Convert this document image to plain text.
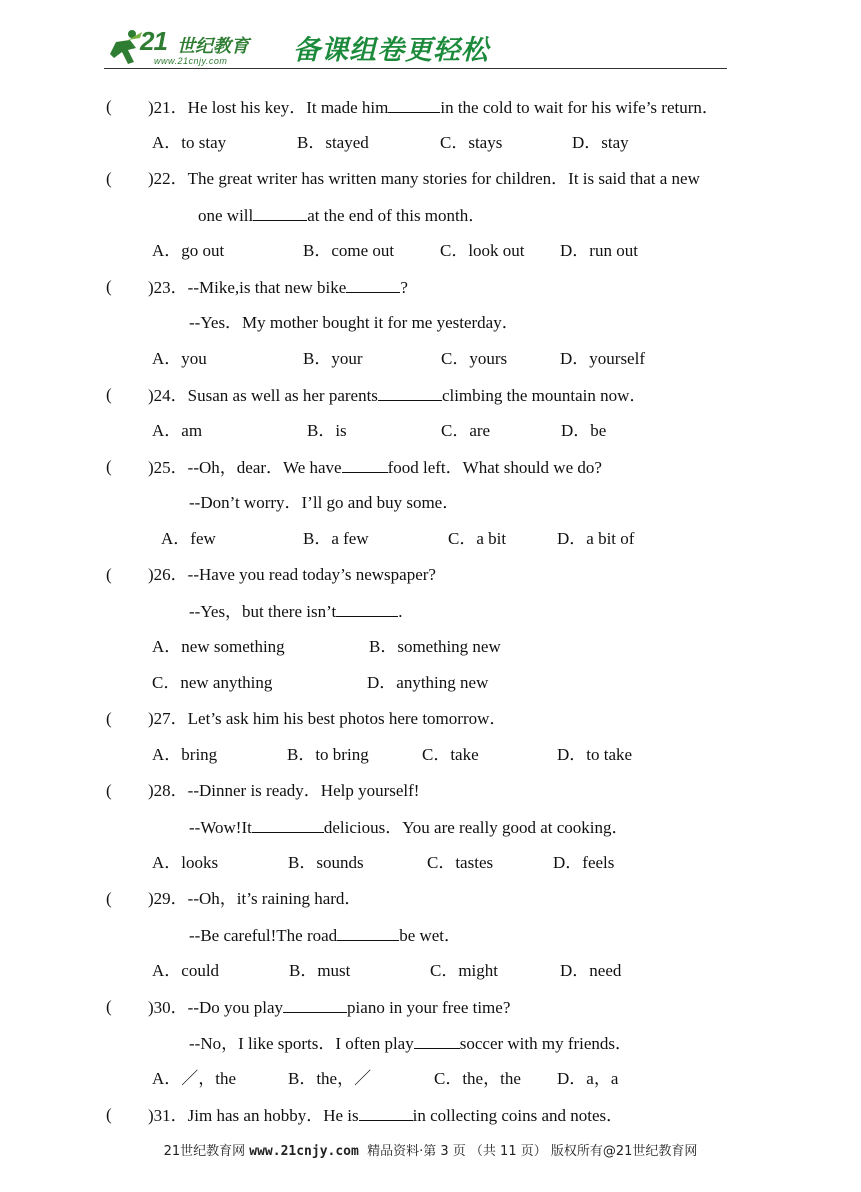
21 世纪教育
www.21cnjy.com 备课组卷更轻松
( )21．He lost his key．It made him	in the cold to wait for his wife’s return．
A．to stay	B．stayed	C．stays	D．stay
( )22．The great writer has written many stories for children．It is said that a new
one will	at the end of this month．
A．go out	B．come out	C．look out D．run out
( )23．--Mike,is that new bike	?
--Yes．My mother bought it for me yesterday．
A．you	B．your	C．yours	D．yourself
( )24．Susan as well as her parents	climbing the mountain now．
A．am	B．is	C．are	D．be
( )25．--Oh，dear．We have	food left．What should we do?
--Don’t worry．I’ll go and buy some．
A．few	B．a few	C．a bit	D．a bit of
( )26．--Have you read today’s newspaper?
--Yes，but there isn’t	.
A．new something	B．something new
C．new anything	D．anything new
( )27．Let’s ask him his best photos here tomorrow．
A．bring	B．to bring	C．take	D．to take
( )28．--Dinner is ready．Help yourself!
--Wow!It	delicious．You are really good at cooking．
A．looks	B．sounds	C．tastes	D．feels
( )29．--Oh，it’s raining hard．
--Be careful!The road	be wet．
A．could	B．must	C．might	D．need
( )30．--Do you play	piano in your free time?
--No，I like sports．I often play	soccer with my friends．
A．／，the	B．the，／	C．the，the D．a，a
( )31．Jim has an hobby．He is	in collecting coins and notes．
21世纪教育网 www.21cnjy.com 精品资料·第 3 页 （共 11 页） 版权所有@21世纪教育网
